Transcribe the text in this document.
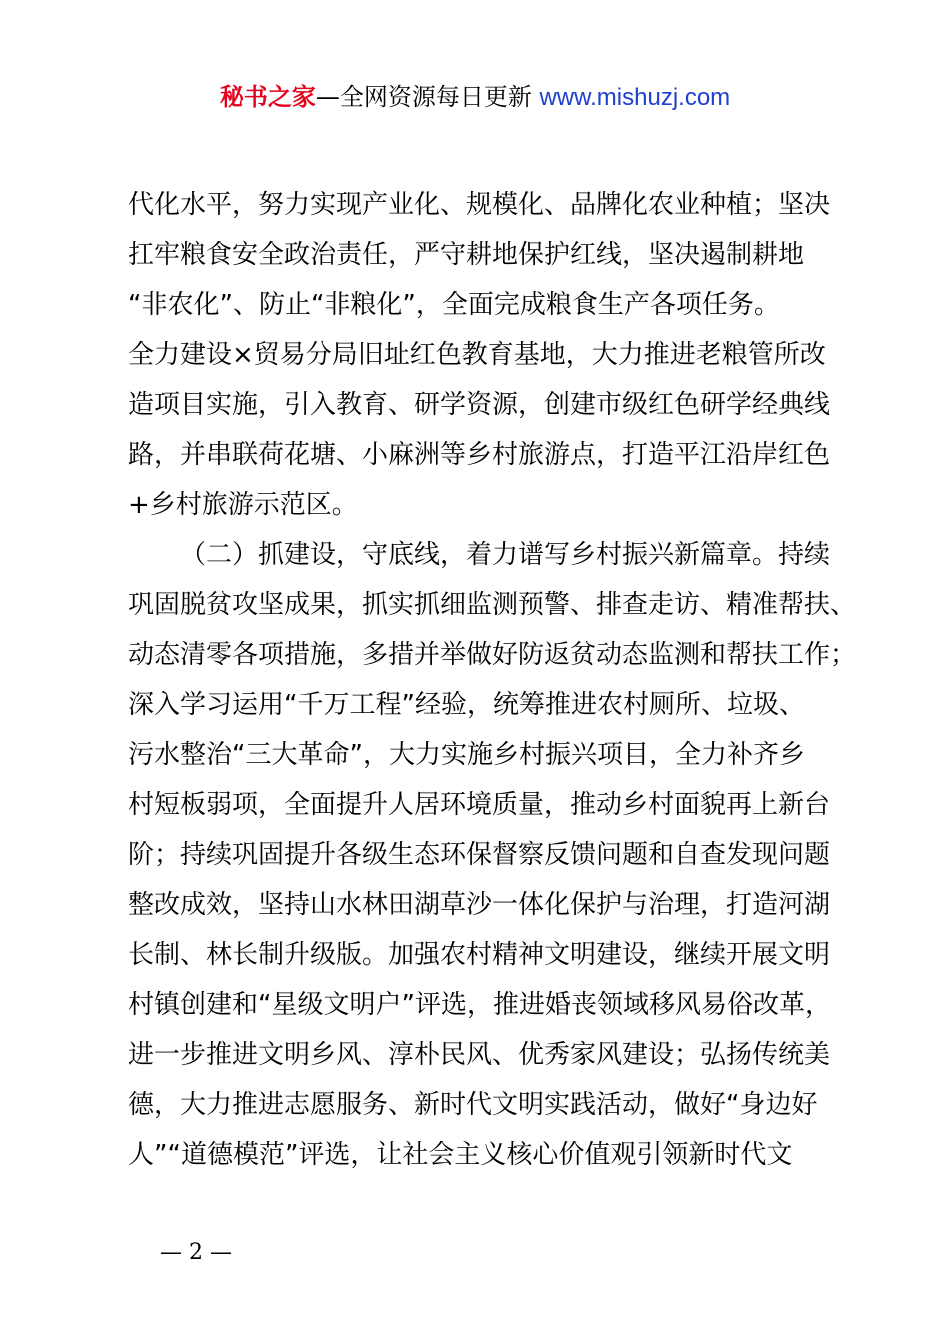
秘书之家—全网资源每日更新 www.mishuzj.com
代化水平，努力实现产业化、规模化、品牌化农业种植；坚决
扛牢粮食安全政治责任，严守耕地保护红线，坚决遏制耕地
“非农化”、防止“非粮化”，全面完成粮食生产各项任务。
全力建设×贸易分局旧址红色教育基地，大力推进老粮管所改
造项目实施，引入教育、研学资源，创建市级红色研学经典线
路，并串联荷花塘、小麻洲等乡村旅游点，打造平江沿岸红色
+乡村旅游示范区。
（二）抓建设，守底线，着力谱写乡村振兴新篇章。持续
巩固脱贫攻坚成果，抓实抓细监测预警、排查走访、精准帮扶、
动态清零各项措施，多措并举做好防返贫动态监测和帮扶工作；
深入学习运用“千万工程”经验，统筹推进农村厕所、垃圾、
污水整治“三大革命”，大力实施乡村振兴项目，全力补齐乡
村短板弱项，全面提升人居环境质量，推动乡村面貌再上新台
阶；持续巩固提升各级生态环保督察反馈问题和自查发现问题
整改成效，坚持山水林田湖草沙一体化保护与治理，打造河湖
长制、林长制升级版。加强农村精神文明建设，继续开展文明
村镇创建和“星级文明户”评选，推进婚丧领域移风易俗改革，
进一步推进文明乡风、淳朴民风、优秀家风建设；弘扬传统美
德，大力推进志愿服务、新时代文明实践活动，做好“身边好
人”“道德模范”评选，让社会主义核心价值观引领新时代文
— 2 —
